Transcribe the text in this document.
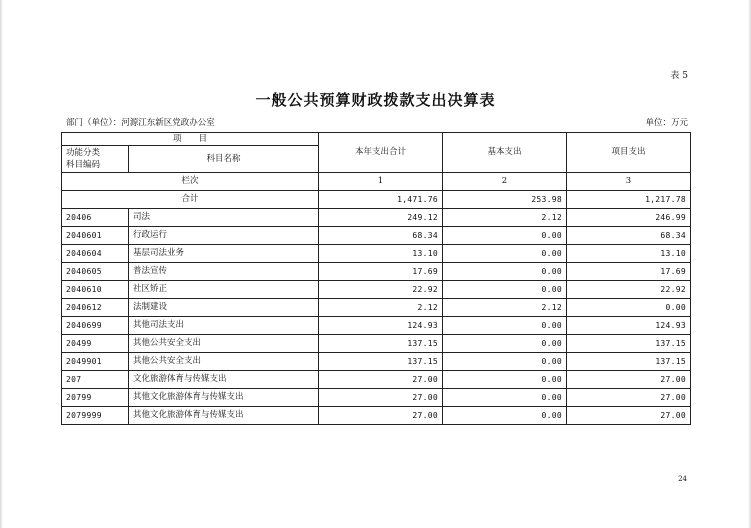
表 5
一般公共预算财政拨款支出决算表
部门（单位）：河源江东新区党政办公室	单位：万元
项　　目		本年支出合计	基本支出	项目支出
功能分类
科目编码	科目名称			

栏次		1	2	3
合计		1,471.76	253.98	1,217.78
20406	司法	249.12	2.12	246.99
2040601	行政运行	68.34	0.00	68.34
2040604	基层司法业务	13.10	0.00	13.10
2040605	普法宣传	17.69	0.00	17.69
2040610	社区矫正	22.92	0.00	22.92
2040612	法制建设	2.12	2.12	0.00
2040699	其他司法支出	124.93	0.00	124.93
20499	其他公共安全支出	137.15	0.00	137.15
2049901	其他公共安全支出	137.15	0.00	137.15
207	文化旅游体育与传媒支出	27.00	0.00	27.00
20799	其他文化旅游体育与传媒支出	27.00	0.00	27.00
2079999	其他文化旅游体育与传媒支出	27.00	0.00	27.00
24
